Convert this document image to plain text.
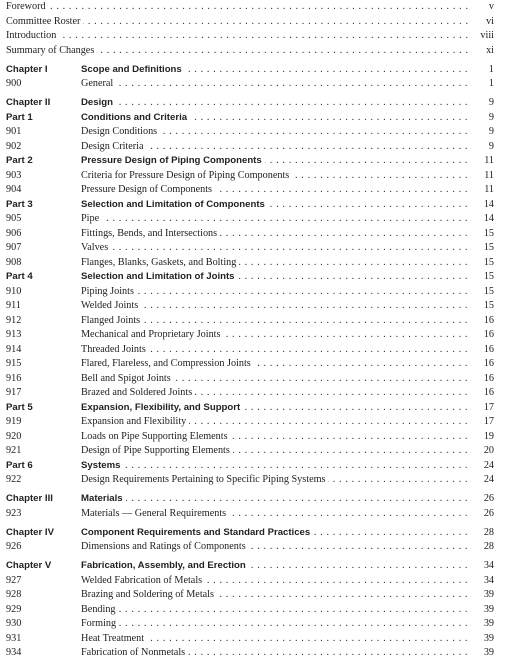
Foreword . . .	v
Committee Roster . . .	vi
Introduction . . .	viii
Summary of Changes . . .	xi
Chapter I	Scope and Definitions . . .	1
900	General . . .	1
Chapter II	Design . . .	9
Part 1	Conditions and Criteria . . .	9
901	Design Conditions . . .	9
902	Design Criteria . . .	9
Part 2	Pressure Design of Piping Components . . .	11
903	Criteria for Pressure Design of Piping Components . . .	11
904	Pressure Design of Components . . .	11
Part 3	Selection and Limitation of Components . . .	14
905	Pipe . . .	14
906	Fittings, Bends, and Intersections . . .	15
907	Valves . . .	15
908	Flanges, Blanks, Gaskets, and Bolting . . .	15
Part 4	Selection and Limitation of Joints . . .	15
910	Piping Joints . . .	15
911	Welded Joints . . .	15
912	Flanged Joints . . .	16
913	Mechanical and Proprietary Joints . . .	16
914	Threaded Joints . . .	16
915	Flared, Flareless, and Compression Joints . . .	16
916	Bell and Spigot Joints . . .	16
917	Brazed and Soldered Joints . . .	16
Part 5	Expansion, Flexibility, and Support . . .	17
919	Expansion and Flexibility . . .	17
920	Loads on Pipe Supporting Elements . . .	19
921	Design of Pipe Supporting Elements . . .	20
Part 6	Systems . . .	24
922	Design Requirements Pertaining to Specific Piping Systems . . .	24
Chapter III	Materials . . .	26
923	Materials — General Requirements . . .	26
Chapter IV	Component Requirements and Standard Practices . . .	28
926	Dimensions and Ratings of Components . . .	28
Chapter V	Fabrication, Assembly, and Erection . . .	34
927	Welded Fabrication of Metals . . .	34
928	Brazing and Soldering of Metals . . .	39
929	Bending . . .	39
930	Forming . . .	39
931	Heat Treatment . . .	39
934	Fabrication of Nonmetals . . .	39
